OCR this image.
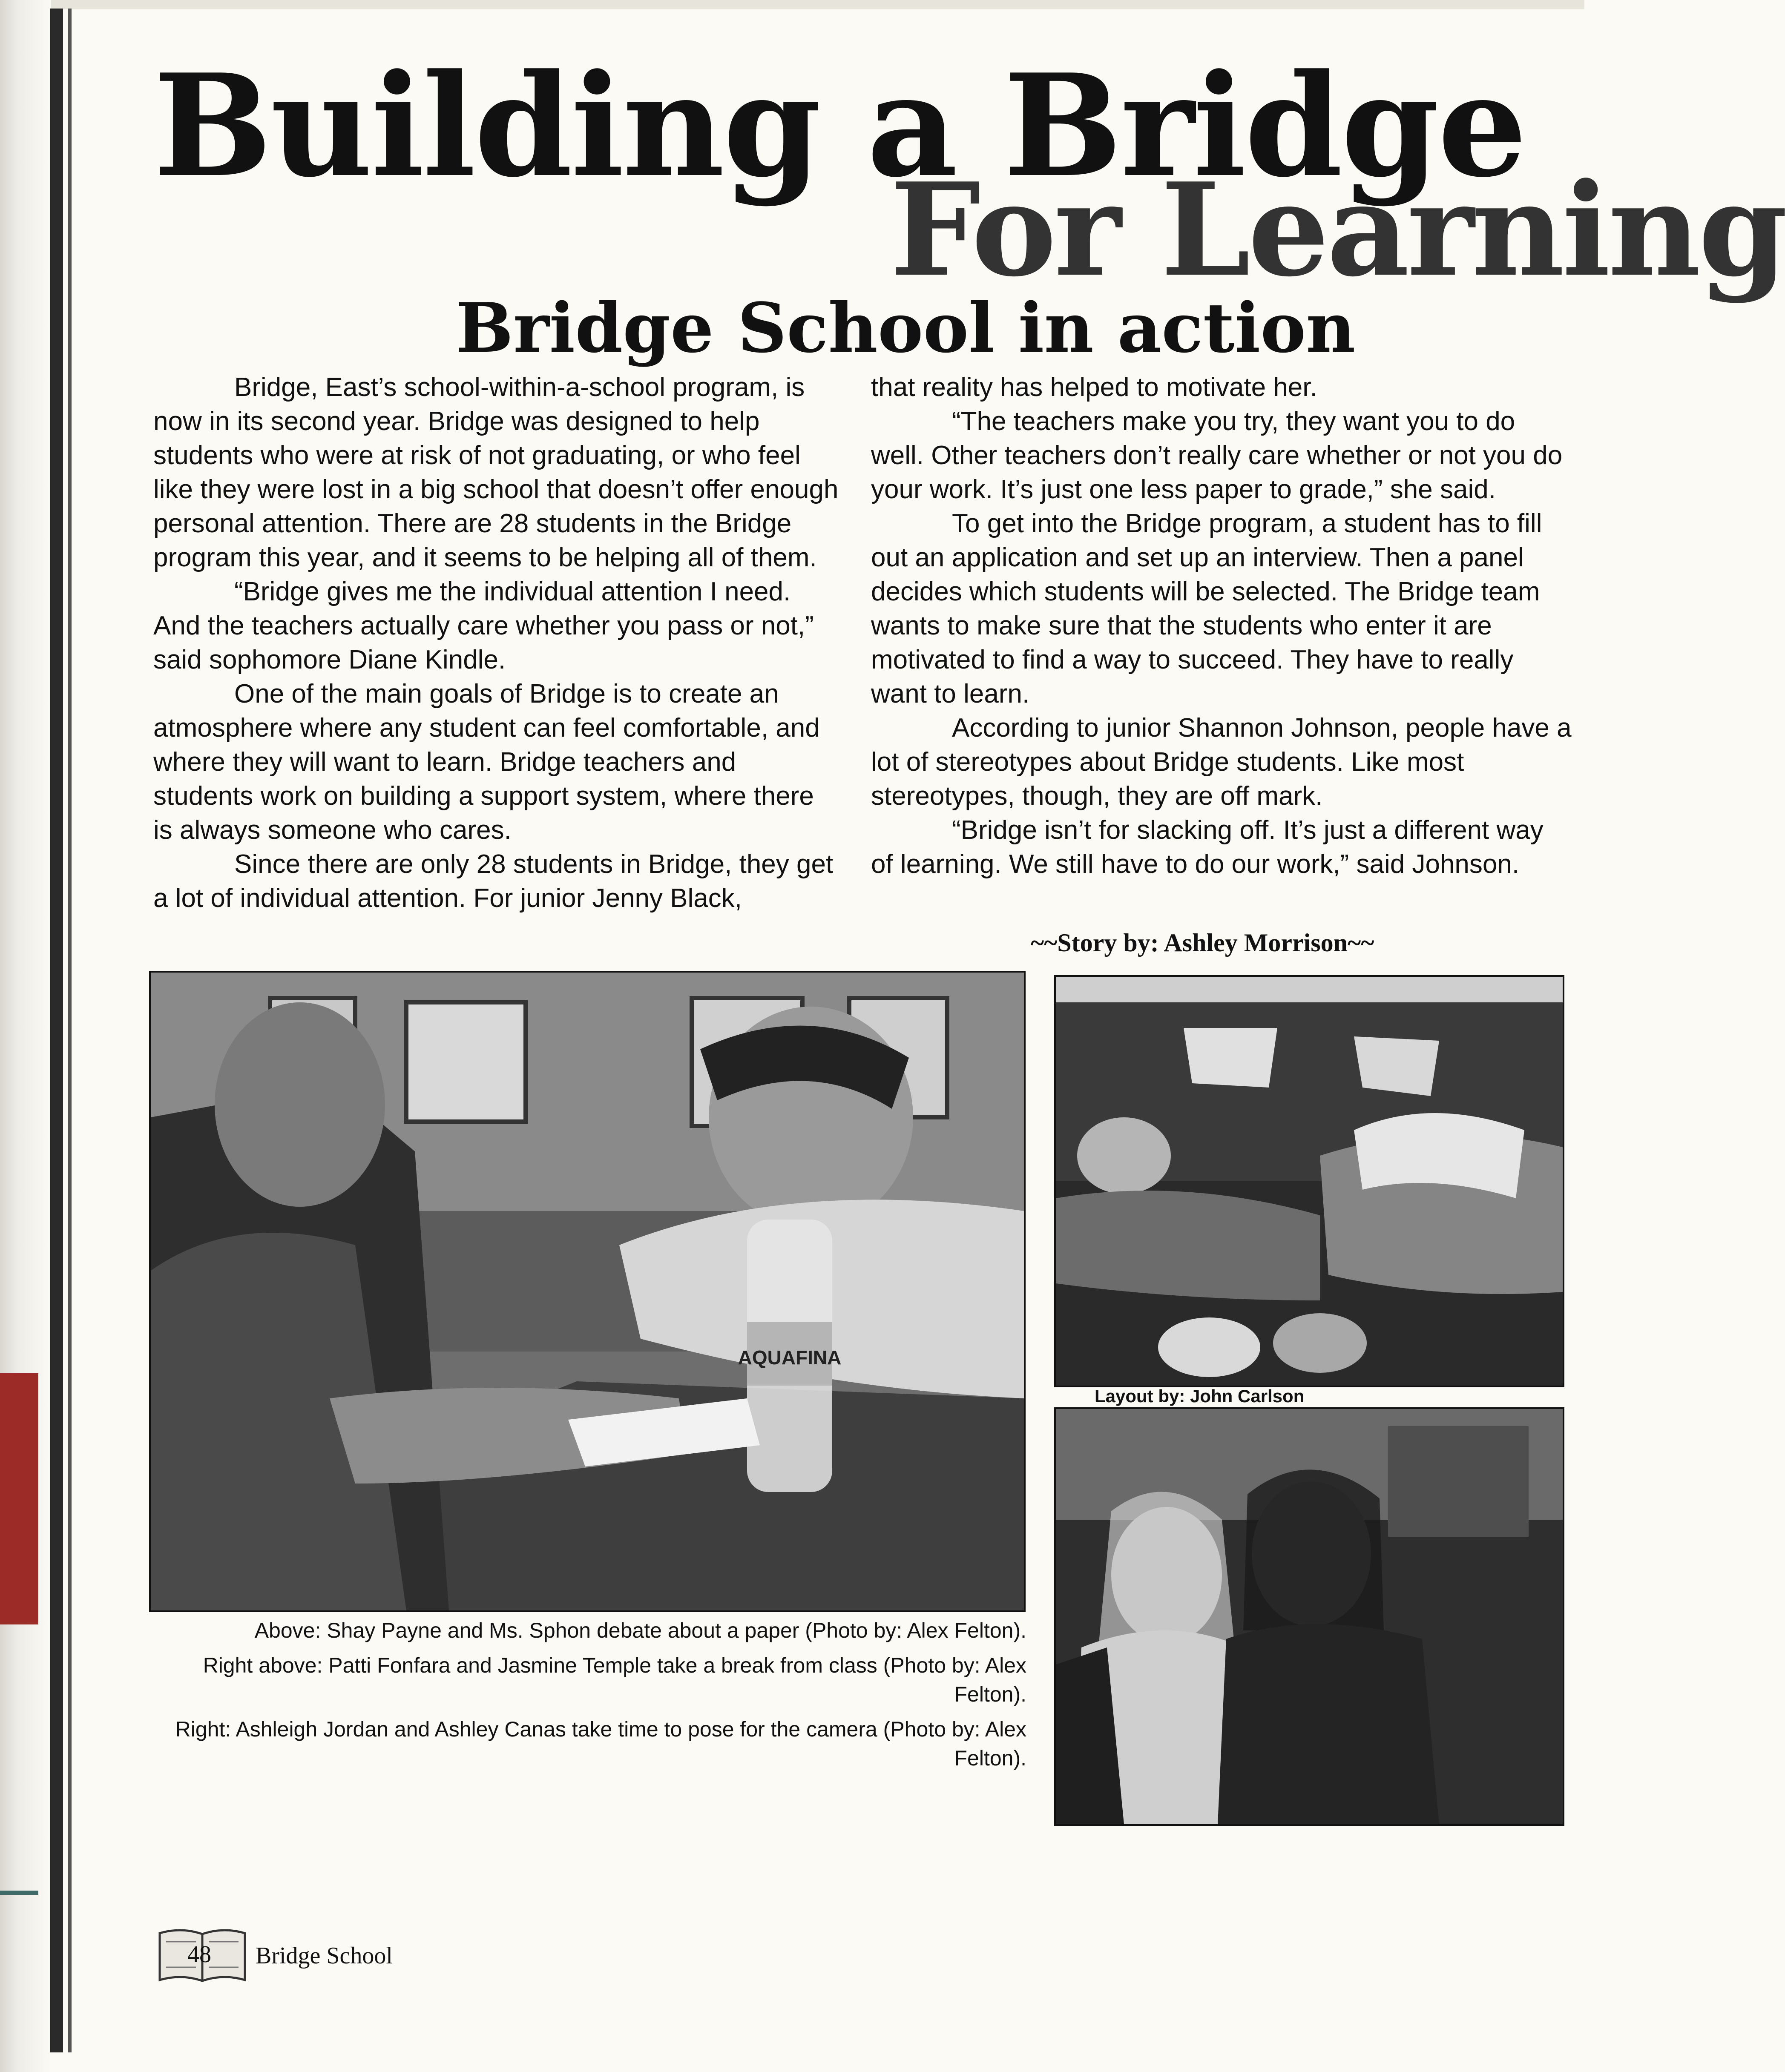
Building a Bridge
For Learning
Bridge School in action

Bridge, East’s school-within-a-school program, is now in its second year. Bridge was designed to help students who were at risk of not graduating, or who feel like they were lost in a big school that doesn’t offer enough personal attention. There are 28 students in the Bridge program this year, and it seems to be helping all of them.

“Bridge gives me the individual attention I need. And the teachers actually care whether you pass or not,” said sophomore Diane Kindle.

One of the main goals of Bridge is to create an atmosphere where any student can feel comfortable, and where they will want to learn. Bridge teachers and students work on building a support system, where there is always someone who cares.

Since there are only 28 students in Bridge, they get a lot of individual attention. For junior Jenny Black,

that reality has helped to motivate her.

“The teachers make you try, they want you to do well. Other teachers don’t really care whether or not you do your work. It’s just one less paper to grade,” she said.

To get into the Bridge program, a student has to fill out an application and set up an interview. Then a panel decides which students will be selected. The Bridge team wants to make sure that the students who enter it are motivated to find a way to succeed. They have to really want to learn.

According to junior Shannon Johnson, people have a lot of stereotypes about Bridge students. Like most stereotypes, though, they are off mark.

“Bridge isn’t for slacking off. It’s just a different way of learning. We still have to do our work,” said Johnson.

~~Story by: Ashley Morrison~~
AQUAFINA
Layout by: John Carlson

Above: Shay Payne and Ms. Sphon debate about a paper (Photo by: Alex Felton).

Right above: Patti Fonfara and Jasmine Temple take a break from class (Photo by: Alex Felton).

Right: Ashleigh Jordan and Ashley Canas take time to pose for the camera (Photo by: Alex Felton).

48 Bridge School
